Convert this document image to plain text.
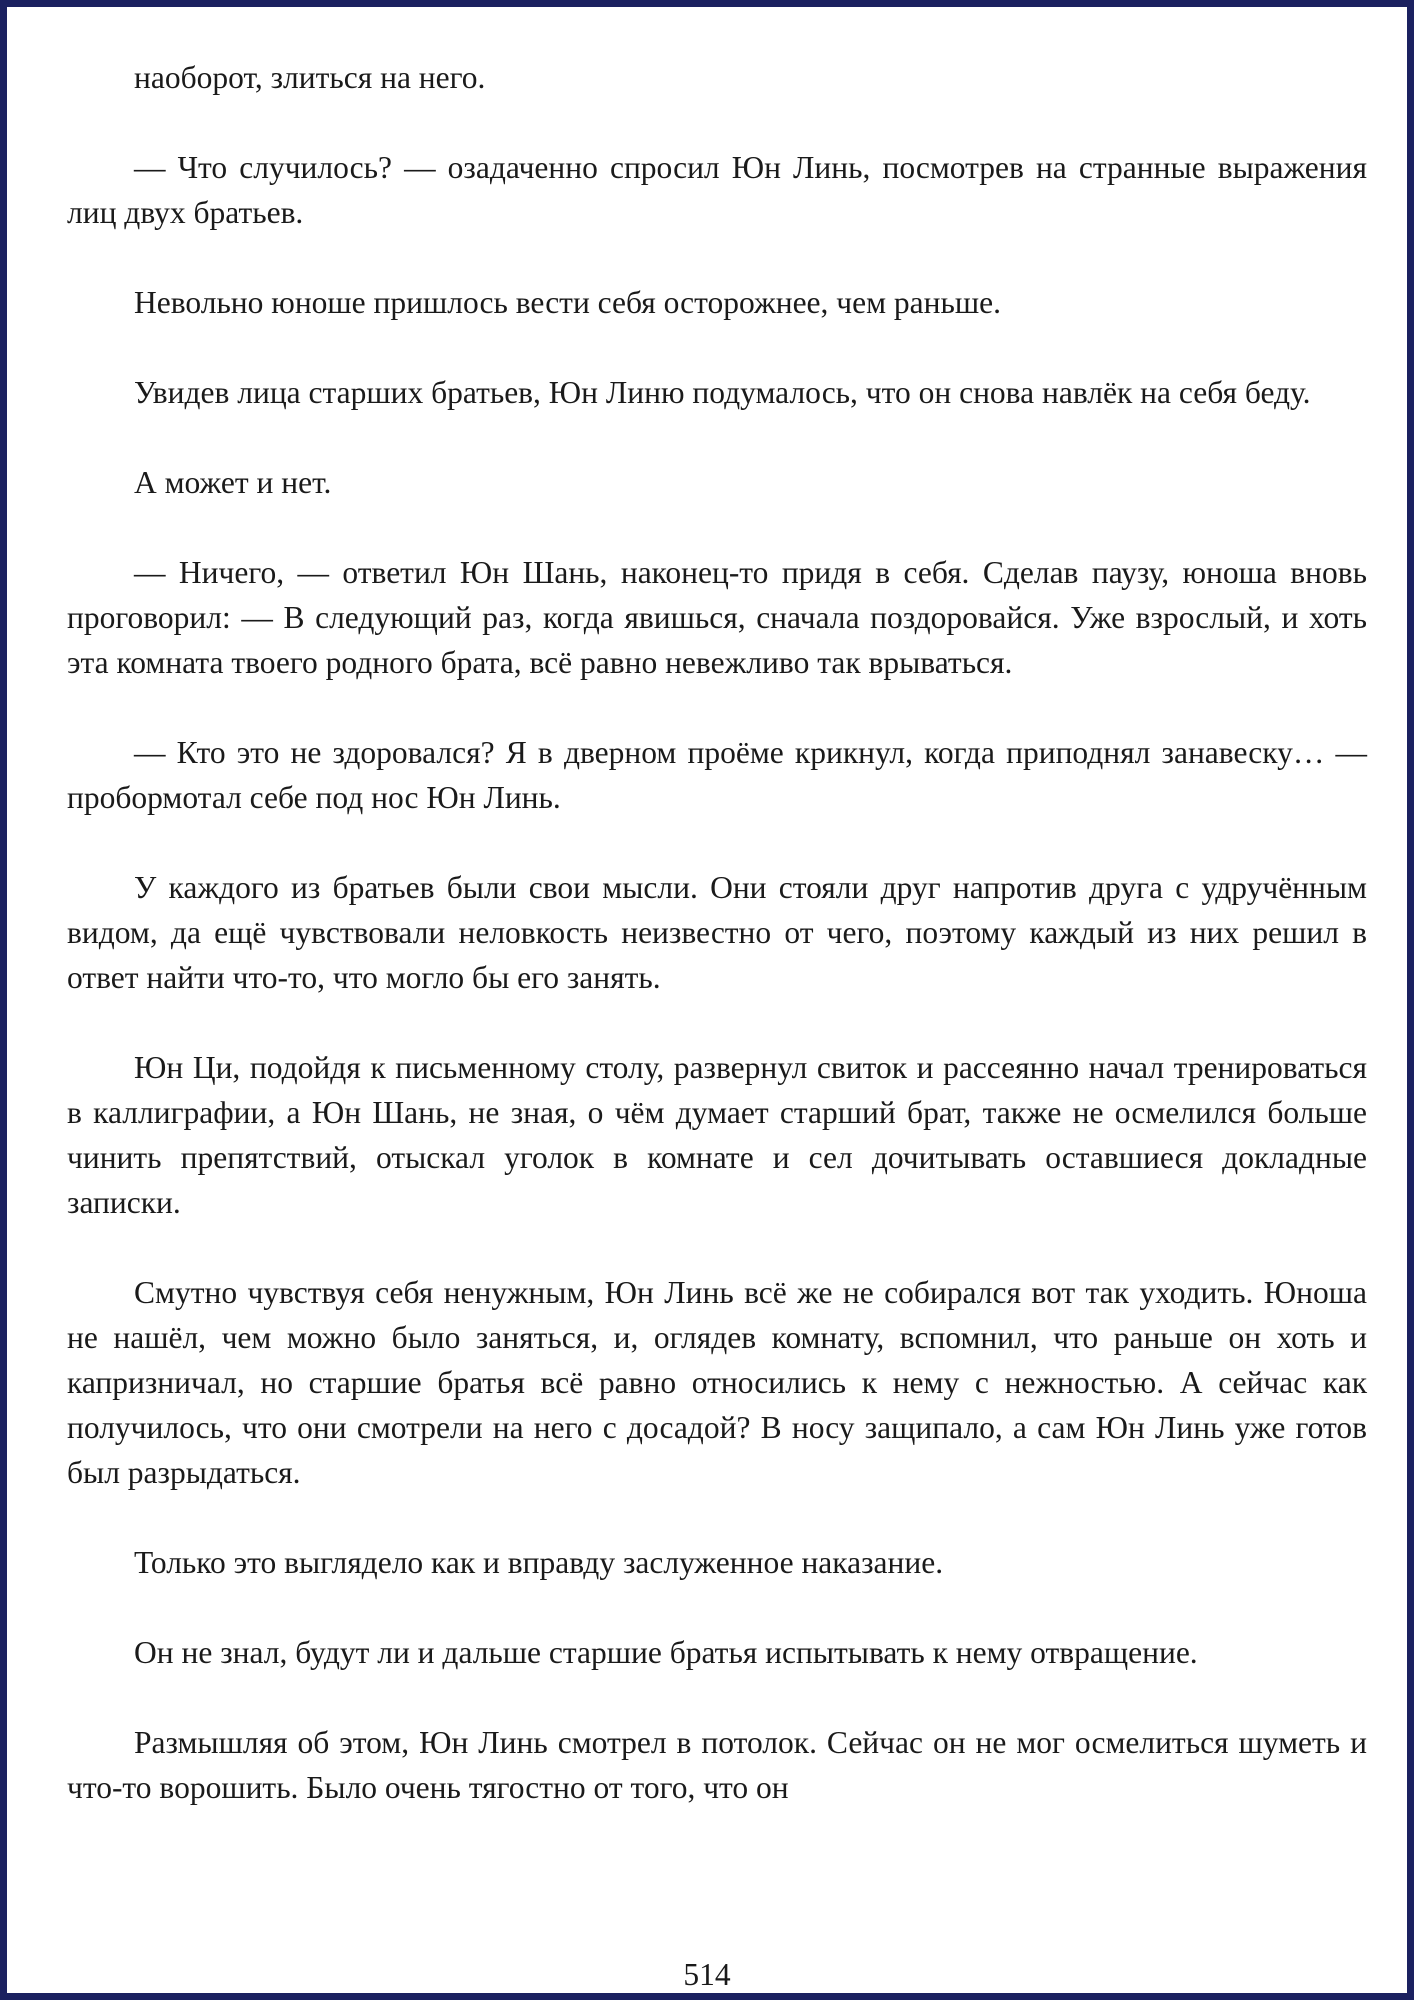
наоборот, злиться на него.

— Что случилось? — озадаченно спросил Юн Линь, посмотрев на странные выражения лиц двух братьев.

Невольно юноше пришлось вести себя осторожнее, чем раньше.

Увидев лица старших братьев, Юн Линю подумалось, что он снова навлёк на себя беду.

А может и нет.

— Ничего, — ответил Юн Шань, наконец-то придя в себя. Сделав паузу, юноша вновь проговорил: — В следующий раз, когда явишься, сначала поздоровайся. Уже взрослый, и хоть эта комната твоего родного брата, всё равно невежливо так врываться.

— Кто это не здоровался? Я в дверном проёме крикнул, когда приподнял занавеску… — пробормотал себе под нос Юн Линь.

У каждого из братьев были свои мысли. Они стояли друг напротив друга с удручённым видом, да ещё чувствовали неловкость неизвестно от чего, поэтому каждый из них решил в ответ найти что-то, что могло бы его занять.

Юн Ци, подойдя к письменному столу, развернул свиток и рассеянно начал тренироваться в каллиграфии, а Юн Шань, не зная, о чём думает старший брат, также не осмелился больше чинить препятствий, отыскал уголок в комнате и сел дочитывать оставшиеся докладные записки.

Смутно чувствуя себя ненужным, Юн Линь всё же не собирался вот так уходить. Юноша не нашёл, чем можно было заняться, и, оглядев комнату, вспомнил, что раньше он хоть и капризничал, но старшие братья всё равно относились к нему с нежностью. А сейчас как получилось, что они смотрели на него с досадой? В носу защипало, а сам Юн Линь уже готов был разрыдаться.

Только это выглядело как и вправду заслуженное наказание.

Он не знал, будут ли и дальше старшие братья испытывать к нему отвращение.

Размышляя об этом, Юн Линь смотрел в потолок. Сейчас он не мог осмелиться шуметь и что-то ворошить. Было очень тягостно от того, что он

514
